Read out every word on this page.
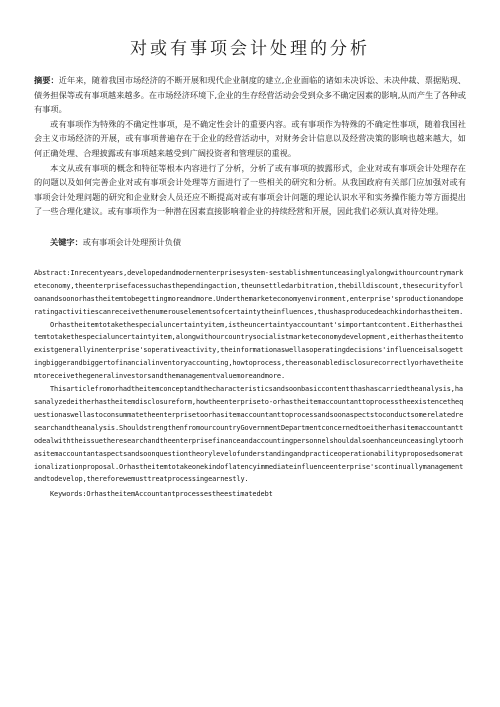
对或有事项会计处理的分析

摘要：近年来，随着我国市场经济的不断开展和现代企业制度的建立,企业面临的诸如未决诉讼、未决仲裁、票据贴现、债务担保等或有事项越来越多。在市场经济环境下,企业的生存经营活动会受到众多不确定因素的影响,从而产生了各种或有事项。

或有事项作为特殊的不确定性事项，是不确定性会计的重要内容。或有事项作为特殊的不确定性事项，随着我国社会主义市场经济的开展，或有事项普遍存在于企业的经营活动中，对财务会计信息以及经营决策的影响也越来越大，如何正确处理、合理披露或有事项越来越受到广阔投资者和管理层的重视。

本文从或有事项的概念和特征等根本内容进行了分析，分析了或有事项的披露形式，企业对或有事项会计处理存在的问题以及如何完善企业对或有事项会计处理等方面进行了一些相关的研究和分析。从我国政府有关部门应加强对或有事项会计处理问题的研究和企业财会人员还应不断提高对或有事项会计问题的理论认识水平和实务操作能力等方面提出了一些合理化建议。或有事项作为一种潜在因素直接影响着企业的持续经营和开展，因此我们必须认真对待处理。

关键字：或有事项会计处理预计负债

Abstract:Inrecentyears,developedandmodernenterprisesystem-sestablishmentunceasinglyalongwithourcountrymarketeconomy,theenterprisefacessuchasthependingaction,theunsettledarbitration,thebilldiscount,thesecurityforloanandsoonorhastheitemtobegettingmoreandmore.Underthemarketeconomyenvironment,enterprise'sproductionandoperatingactivitiescanreceivethenumerouselementsofcertaintytheinfluences,thushasproducedeachkindorhastheitem.

Orhastheitemtotakethespecialuncertaintyitem,istheuncertaintyaccountant'simportantcontent.Eitherhastheitemtotakethespecialuncertaintyitem,alongwithourcountrysocialistmarketeconomydevelopment,eitherhastheitemtoexistgenerallyinenterprise'soperativeactivity,theinformationaswellasoperatingdecisions'influenceisalsogettingbiggerandbiggertofinancialinventoryaccounting,howtoprocess,thereasonabledisclosurecorrectlyorhavetheitemtoreceivethegeneralinvestorsandthemanagementvaluemoreandmore.

Thisarticlefromorhadtheitemconceptandthecharacteristicsandsoonbasiccontentthashascarriedtheanalysis,hasanalyzedeitherhastheitemdisclosureform,howtheenterpriseto-orhastheitemaccountanttoprocesstheexistencethequestionaswellastoconsummatetheenterprisetoorhasitemaccountanttoprocessandsoonaspectstoconductsomerelatedresearchandtheanalysis.ShouldstrengthenfromourcountryGovernmentDepartmentconcernedtoeitherhasitemaccountanttodealwiththeissuetheresearchandtheenterprisefinanceandaccountingpersonnelshouldalsoenhanceunceasinglytoorhasitemaccountantaspectsandsoonquestiontheorylevelofunderstandingandpracticeoperationabilityproposedsomerationalizationproposal.Orhastheitemtotakeonekindoflatencyimmediateinfluenceenterprise'scontinuallymanagementandtodevelop,thereforewemusttreatprocessingearnestly.

Keywords:OrhastheitemAccountantprocessestheestimatedebt
